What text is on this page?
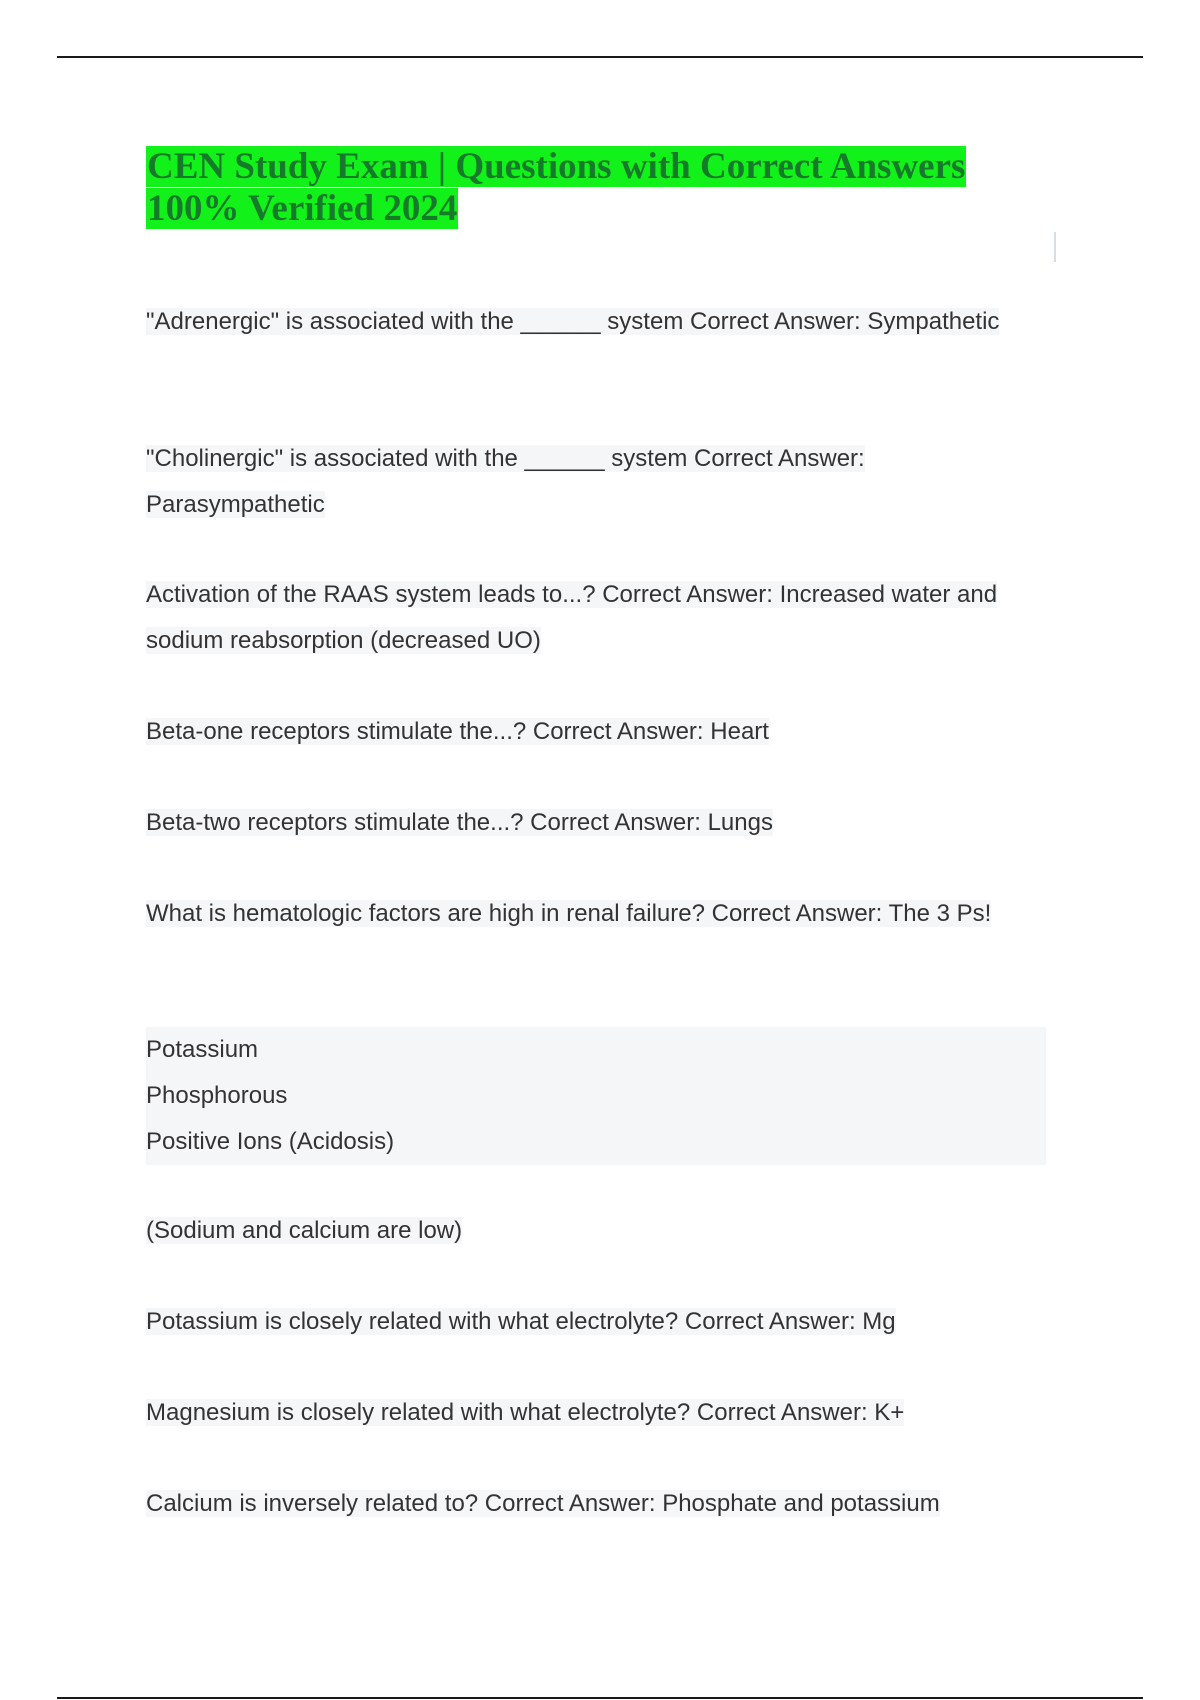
CEN Study Exam | Questions with Correct Answers 100% Verified 2024

"Adrenergic" is associated with the ______ system Correct Answer: Sympathetic

"Cholinergic" is associated with the ______ system Correct Answer: Parasympathetic

Activation of the RAAS system leads to...? Correct Answer: Increased water and sodium reabsorption (decreased UO)

Beta-one receptors stimulate the...? Correct Answer: Heart

Beta-two receptors stimulate the...? Correct Answer: Lungs

What is hematologic factors are high in renal failure? Correct Answer: The 3 Ps!

Potassium
Phosphorous
Positive Ions (Acidosis)

(Sodium and calcium are low)

Potassium is closely related with what electrolyte? Correct Answer: Mg

Magnesium is closely related with what electrolyte? Correct Answer: K+

Calcium is inversely related to? Correct Answer: Phosphate and potassium
